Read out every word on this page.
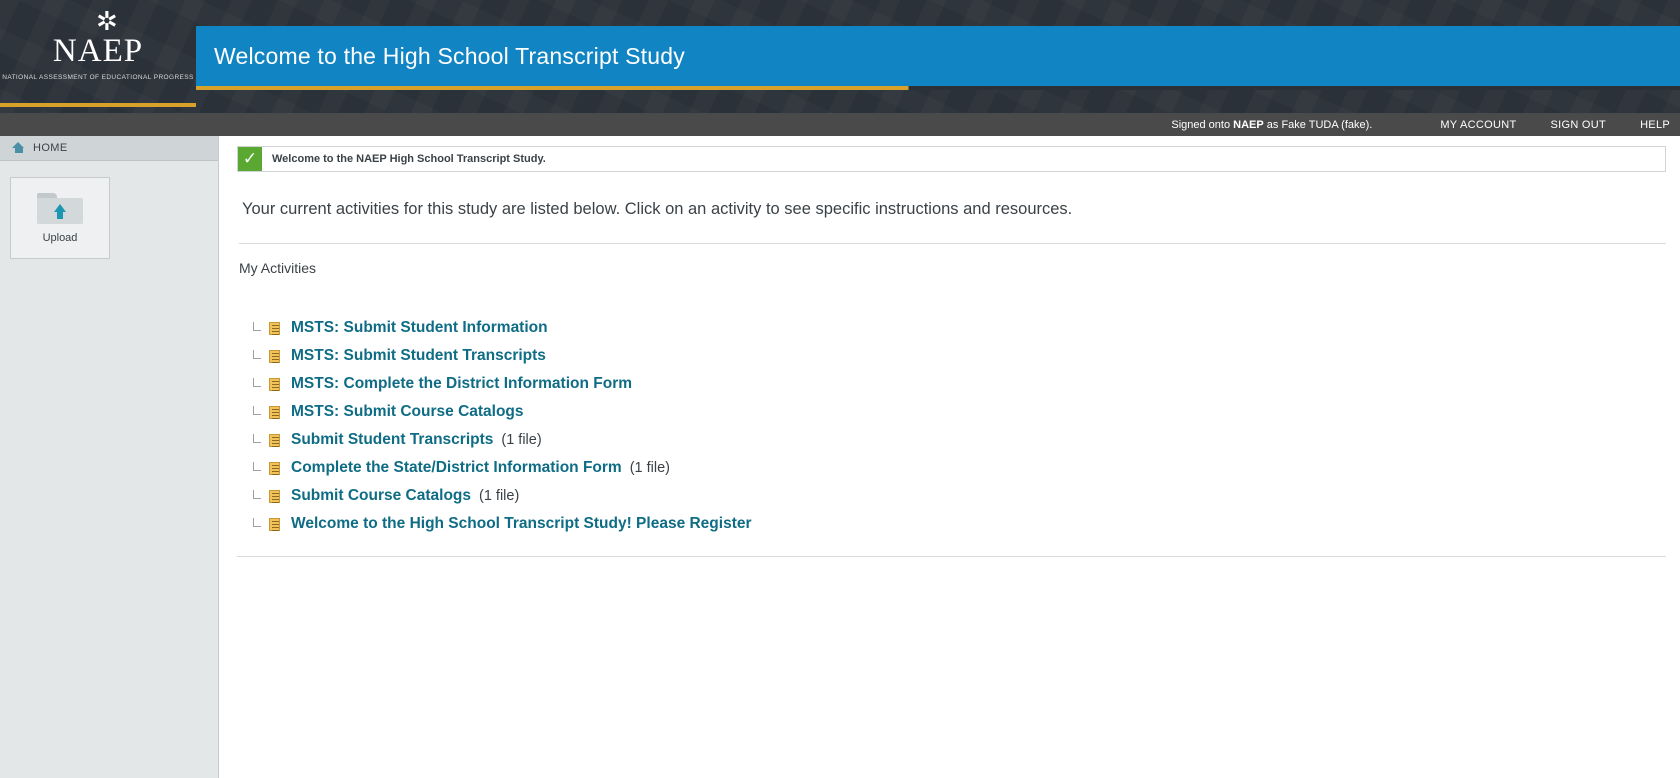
✲
NAEP
NATIONAL ASSESSMENT OF EDUCATIONAL PROGRESS
Welcome to the High School Transcript Study
Signed onto NAEP as Fake TUDA (fake).	MY ACCOUNT	SIGN OUT	HELP
HOME
Upload
✓	Welcome to the NAEP High School Transcript Study.
Your current activities for this study are listed below. Click on an activity to see specific instructions and resources.
My Activities
MSTS: Submit Student Information
MSTS: Submit Student Transcripts
MSTS: Complete the District Information Form
MSTS: Submit Course Catalogs
Submit Student Transcripts (1 file)
Complete the State/District Information Form (1 file)
Submit Course Catalogs (1 file)
Welcome to the High School Transcript Study! Please Register
